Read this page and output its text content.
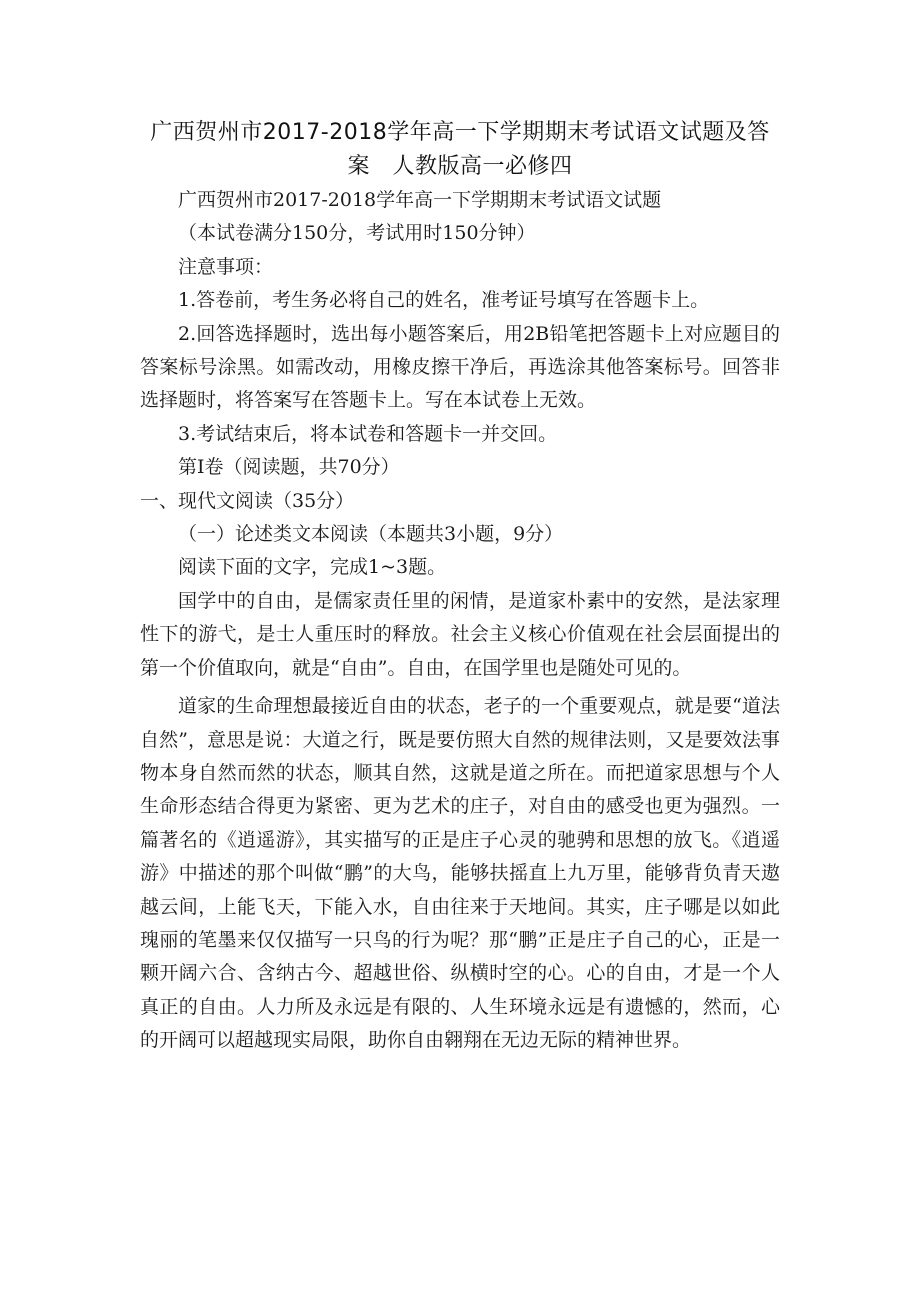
广西贺州市2017-2018学年高一下学期期末考试语文试题及答案　人教版高一必修四

广西贺州市2017-2018学年高一下学期期末考试语文试题

（本试卷满分150分，考试用时150分钟）

注意事项：

1.答卷前，考生务必将自己的姓名，准考证号填写在答题卡上。

2.回答选择题时，选出每小题答案后，用2B铅笔把答题卡上对应题目的答案标号涂黑。如需改动，用橡皮擦干净后，再选涂其他答案标号。回答非选择题时，将答案写在答题卡上。写在本试卷上无效。

3.考试结束后，将本试卷和答题卡一并交回。

第Ⅰ卷（阅读题，共70分）

一、现代文阅读（35分）

（一）论述类文本阅读（本题共3小题，9分）

阅读下面的文字，完成1~3题。

国学中的自由，是儒家责任里的闲情，是道家朴素中的安然，是法家理性下的游弋，是士人重压时的释放。社会主义核心价值观在社会层面提出的第一个价值取向，就是“自由”。自由，在国学里也是随处可见的。

道家的生命理想最接近自由的状态，老子的一个重要观点，就是要“道法自然”，意思是说：大道之行，既是要仿照大自然的规律法则，又是要效法事物本身自然而然的状态，顺其自然，这就是道之所在。而把道家思想与个人生命形态结合得更为紧密、更为艺术的庄子，对自由的感受也更为强烈。一篇著名的《逍遥游》，其实描写的正是庄子心灵的驰骋和思想的放飞。《逍遥游》中描述的那个叫做“鹏”的大鸟，能够扶摇直上九万里，能够背负青天遨越云间，上能飞天，下能入水，自由往来于天地间。其实，庄子哪是以如此瑰丽的笔墨来仅仅描写一只鸟的行为呢？那“鹏”正是庄子自己的心，正是一颗开阔六合、含纳古今、超越世俗、纵横时空的心。心的自由，才是一个人真正的自由。人力所及永远是有限的、人生环境永远是有遗憾的，然而，心的开阔可以超越现实局限，助你自由翱翔在无边无际的精神世界。
